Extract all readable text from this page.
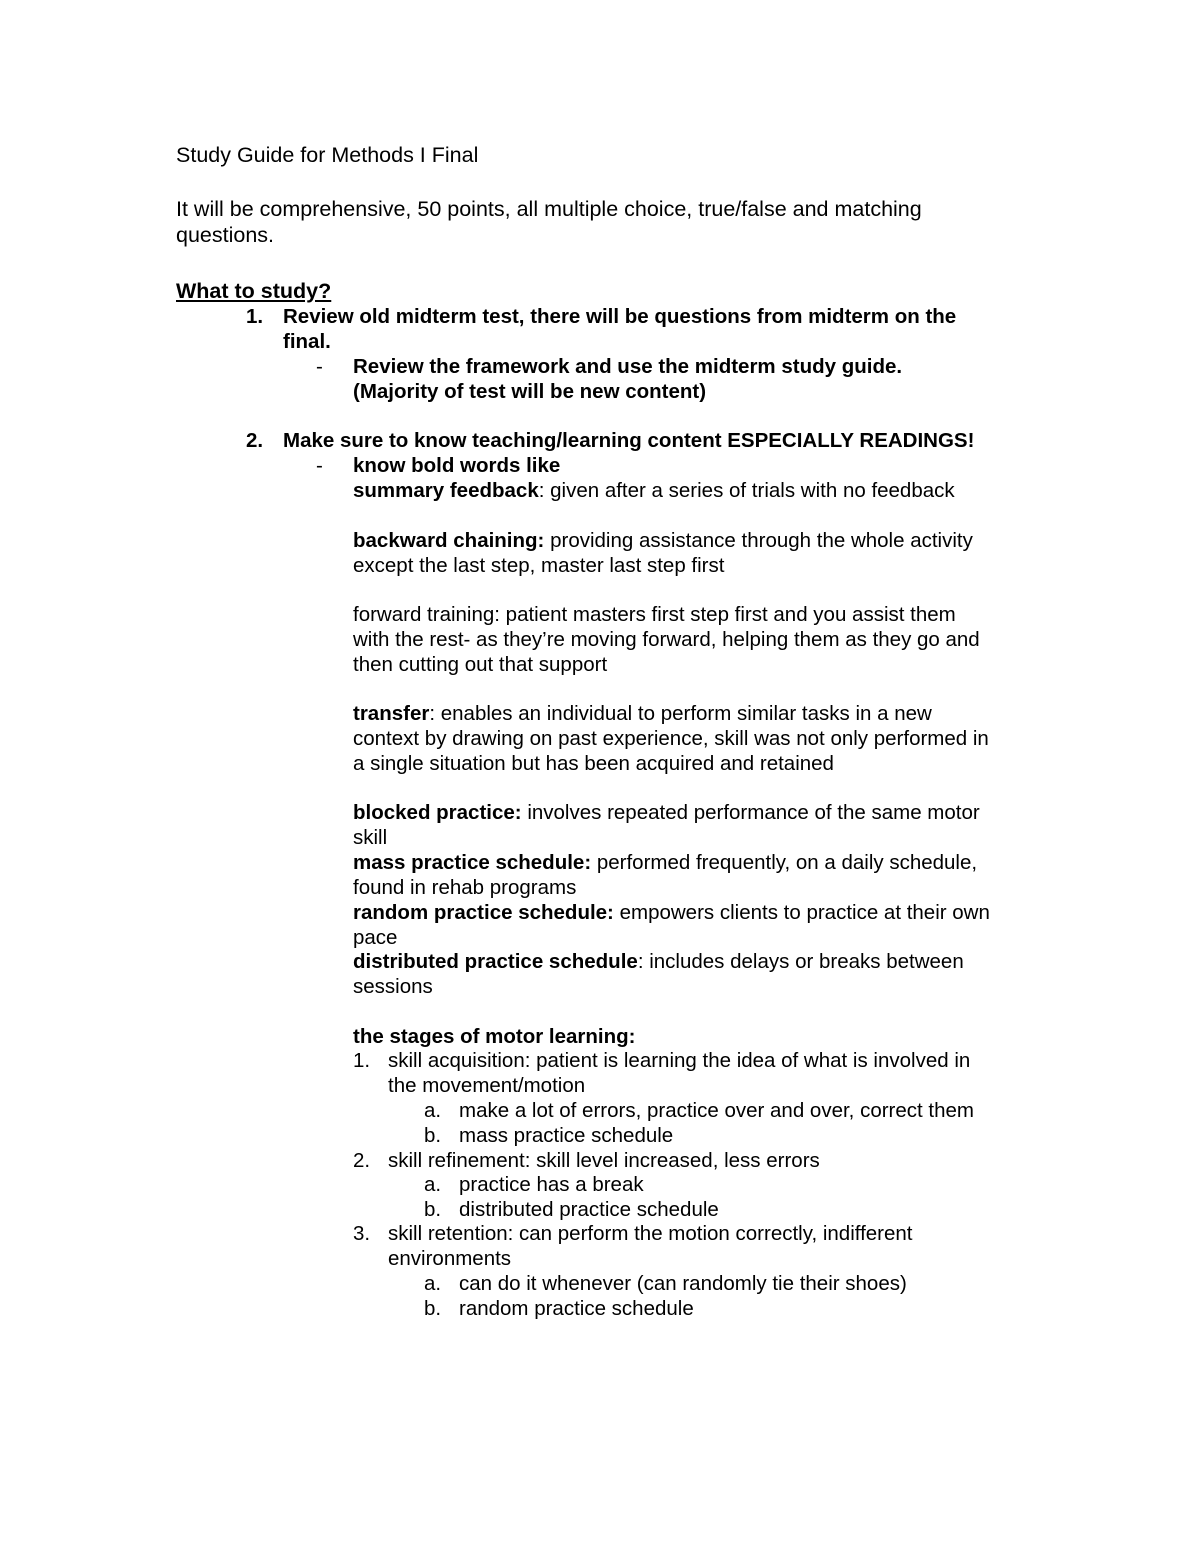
Study Guide for Methods I Final
It will be comprehensive, 50 points, all multiple choice, true/false and matching
questions.
What to study?
1. Review old midterm test, there will be questions from midterm on the
final.
- Review the framework and use the midterm study guide.
(Majority of test will be new content)
2. Make sure to know teaching/learning content ESPECIALLY READINGS!
- know bold words like
summary feedback: given after a series of trials with no feedback
backward chaining: providing assistance through the whole activity
except the last step, master last step first
forward training: patient masters first step first and you assist them
with the rest- as they’re moving forward, helping them as they go and
then cutting out that support
transfer: enables an individual to perform similar tasks in a new
context by drawing on past experience, skill was not only performed in
a single situation but has been acquired and retained
blocked practice: involves repeated performance of the same motor
skill
mass practice schedule: performed frequently, on a daily schedule,
found in rehab programs
random practice schedule: empowers clients to practice at their own
pace
distributed practice schedule: includes delays or breaks between
sessions
the stages of motor learning:
1. skill acquisition: patient is learning the idea of what is involved in
the movement/motion
a. make a lot of errors, practice over and over, correct them
b. mass practice schedule
2. skill refinement: skill level increased, less errors
a. practice has a break
b. distributed practice schedule
3. skill retention: can perform the motion correctly, indifferent
environments
a. can do it whenever (can randomly tie their shoes)
b. random practice schedule
